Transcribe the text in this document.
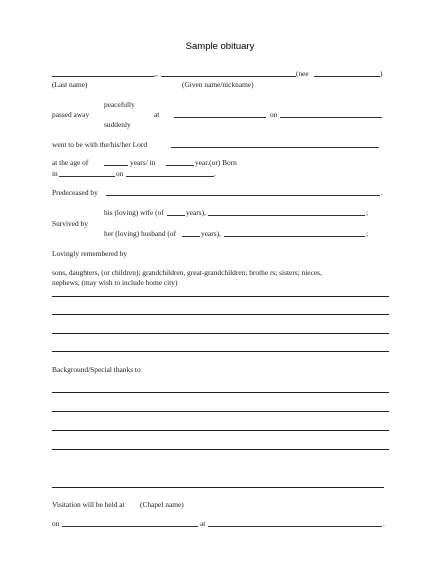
Sample obituary
, ,	(nee	)
(Last name)	(Given name/nickname)
peacefully
passed away
suddenly
at	on
went to be with the/his/her Lord
at the age of	years/ in	year.(or) Born
in	on	.
Predeceased by	.
his (loving) wife (of	years),	;
Survived by
her (loving) husband (of	years),	;
Lovingly remembered by
sons, daughters, (or children); grandchildren, great-grandchildren; brothe rs; sisters; nieces,
nephews, (may wish to include home city)
Background/Special thanks to
Visitation will be held at (Chapel name)
on	at	.
